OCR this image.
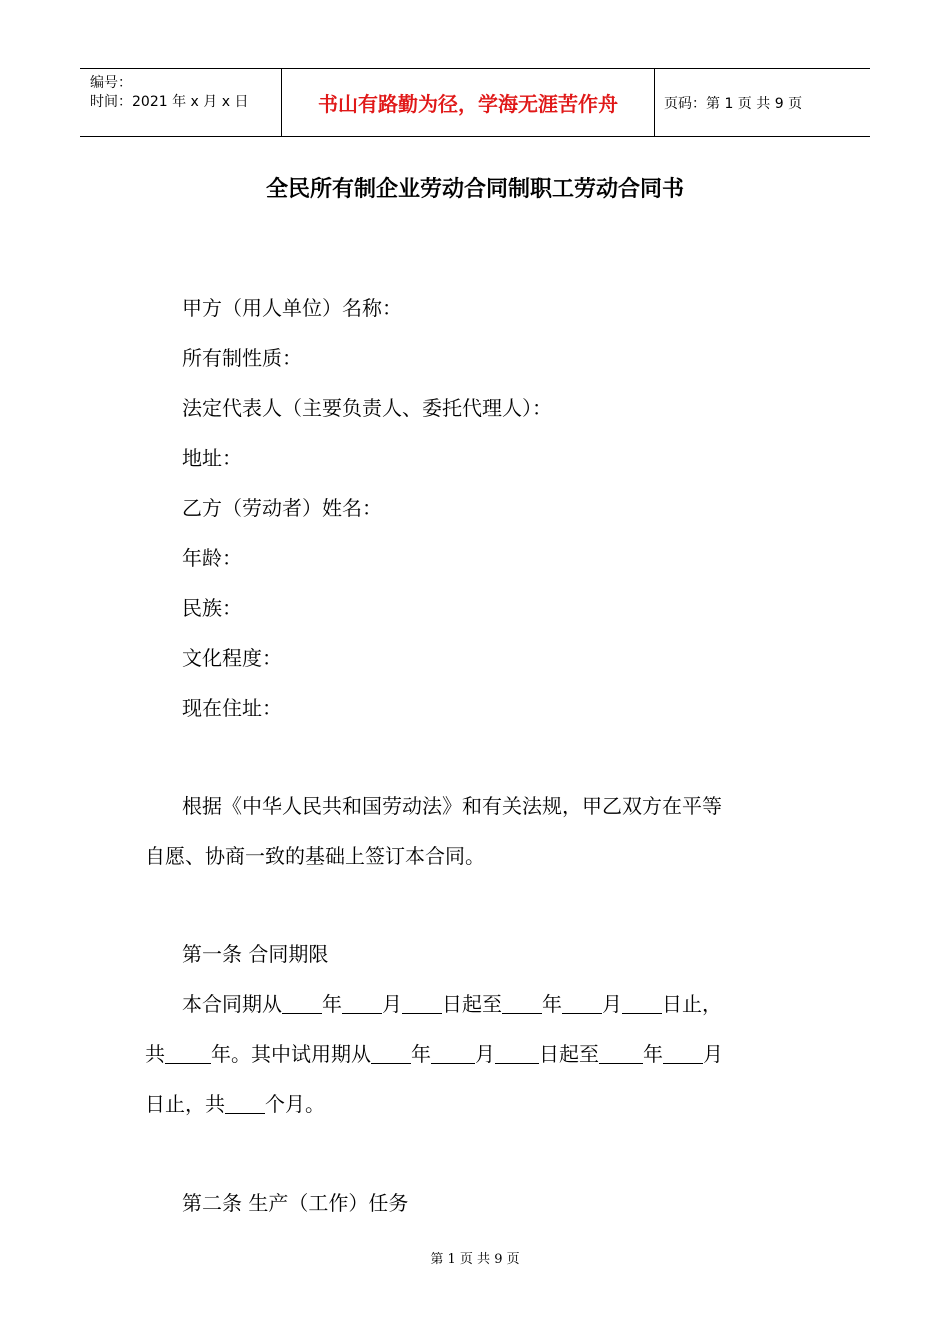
编号：
时间：2021 年 x 月 x 日	书山有路勤为径，学海无涯苦作舟	页码：第 1 页 共 9 页
全民所有制企业劳动合同制职工劳动合同书
甲方（用人单位）名称：
所有制性质：
法定代表人（主要负责人、委托代理人）：
地址：
乙方（劳动者）姓名：
年龄：
民族：
文化程度：
现在住址：
根据《中华人民共和国劳动法》和有关法规，甲乙双方在平等
自愿、协商一致的基础上签订本合同。
第一条 合同期限
本合同期从 年 月 日起至 年 月 日止，
共 年。其中试用期从 年 月 日起至 年 月
日止，共 个月。
第二条 生产（工作）任务
第 1 页 共 9 页
